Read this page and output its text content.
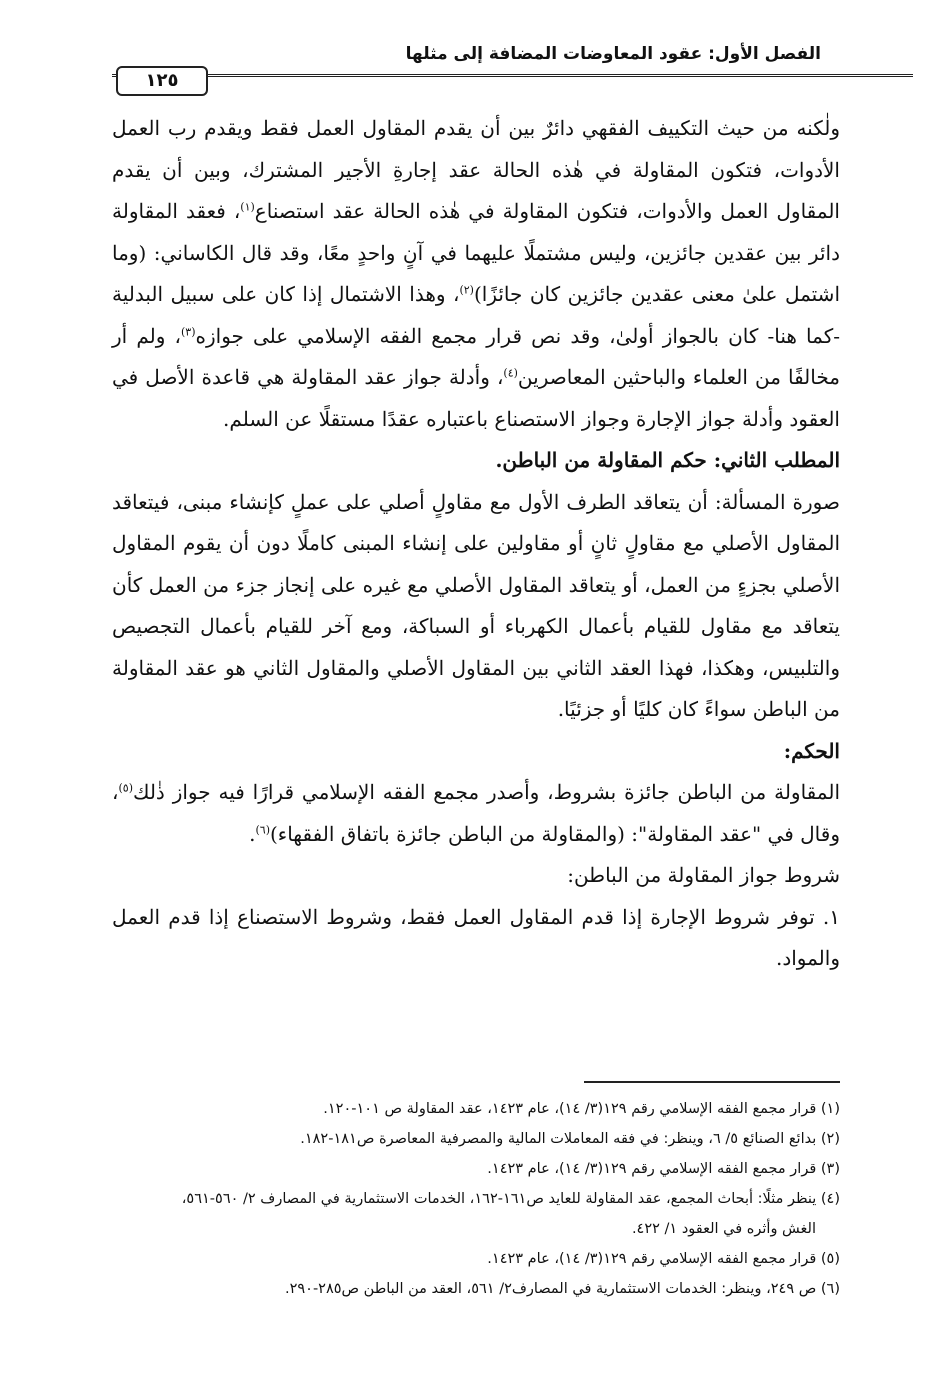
الفصل الأول: عقود المعاوضات المضافة إلى مثلها
١٢٥

ولٰكنه من حيث التكييف الفقهي دائرٌ بين أن يقدم المقاول العمل فقط ويقدم رب العمل الأدوات، فتكون المقاولة في هٰذه الحالة عقد إجارةِ الأجير المشترك، وبين أن يقدم المقاول العمل والأدوات، فتكون المقاولة في هٰذه الحالة عقد استصناع$^{(١)}$، فعقد المقاولة دائر بين عقدين جائزين، وليس مشتملًا عليهما في آنٍ واحدٍ معًا، وقد قال الكاساني: (وما اشتمل علىٰ معنى عقدين جائزين كان جائزًا)$^{(٢)}$، وهذا الاشتمال إذا كان على سبيل البدلية -كما هنا- كان بالجواز أولىٰ، وقد نص قرار مجمع الفقه الإسلامي على جوازه$^{(٣)}$، ولم أر مخالفًا من العلماء والباحثين المعاصرين$^{(٤)}$، وأدلة جواز عقد المقاولة هي قاعدة الأصل في العقود وأدلة جواز الإجارة وجواز الاستصناع باعتباره عقدًا مستقلًا عن السلم.

المطلب الثاني: حكم المقاولة من الباطن.

صورة المسألة: أن يتعاقد الطرف الأول مع مقاولٍ أصلي على عملٍ كإنشاء مبنى، فيتعاقد المقاول الأصلي مع مقاولٍ ثانٍ أو مقاولين على إنشاء المبنى كاملًا دون أن يقوم المقاول الأصلي بجزءٍ من العمل، أو يتعاقد المقاول الأصلي مع غيره على إنجاز جزء من العمل كأن يتعاقد مع مقاول للقيام بأعمال الكهرباء أو السباكة، ومع آخر للقيام بأعمال التجصيص والتلبيس، وهكذا، فهذا العقد الثاني بين المقاول الأصلي والمقاول الثاني هو عقد المقاولة من الباطن سواءً كان كليًا أو جزئيًا.

الحكم:

المقاولة من الباطن جائزة بشروط، وأصدر مجمع الفقه الإسلامي قرارًا فيه جواز ذٰلك$^{(٥)}$، وقال في "عقد المقاولة": (والمقاولة من الباطن جائزة باتفاق الفقهاء)$^{(٦)}$.

شروط جواز المقاولة من الباطن:

١. توفر شروط الإجارة إذا قدم المقاول العمل فقط، وشروط الاستصناع إذا قدم العمل والمواد.

(١) قرار مجمع الفقه الإسلامي رقم ١٢٩(٣/ ١٤)، عام ١٤٢٣، عقد المقاولة ص ١٠١-١٢٠.

(٢) بدائع الصنائع ٥/ ٦، وينظر: في فقه المعاملات المالية والمصرفية المعاصرة ص١٨١-١٨٢.

(٣) قرار مجمع الفقه الإسلامي رقم ١٢٩(٣/ ١٤)، عام ١٤٢٣.

(٤) ينظر مثلًا: أبحاث المجمع، عقد المقاولة للعايد ص١٦١-١٦٢، الخدمات الاستثمارية في المصارف ٢/ ٥٦٠-٥٦١،

الغش وأثره في العقود ١/ ٤٢٢.

(٥) قرار مجمع الفقه الإسلامي رقم ١٢٩(٣/ ١٤)، عام ١٤٢٣.

(٦) ص ٢٤٩، وينظر: الخدمات الاستثمارية في المصارف٢/ ٥٦١، العقد من الباطن ص٢٨٥-٢٩٠.
